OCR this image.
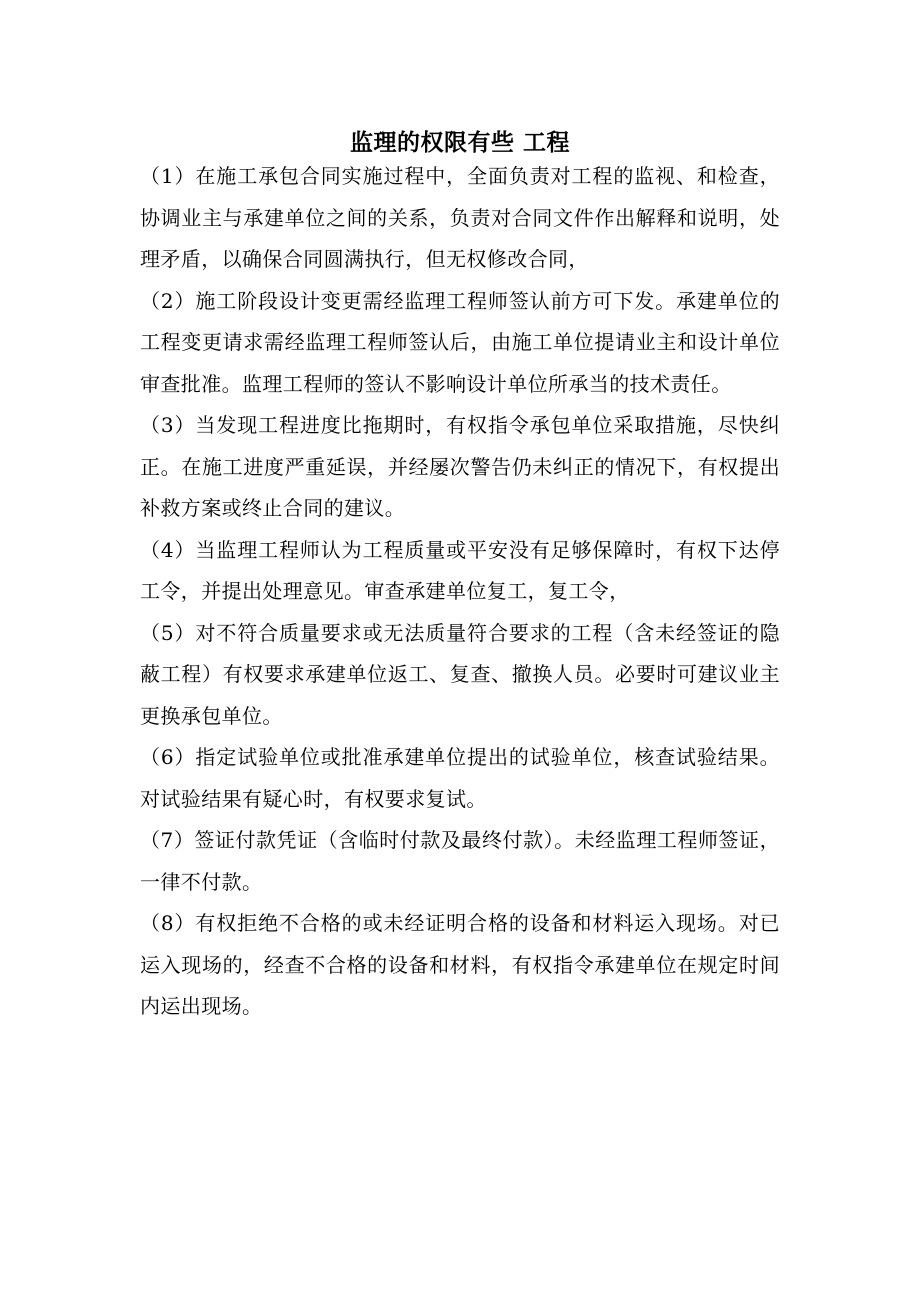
监理的权限有些 工程

（1）在施工承包合同实施过程中，全面负责对工程的监视、和检查，协调业主与承建单位之间的关系，负责对合同文件作出解释和说明，处理矛盾，以确保合同圆满执行，但无权修改合同，

（2）施工阶段设计变更需经监理工程师签认前方可下发。承建单位的工程变更请求需经监理工程师签认后，由施工单位提请业主和设计单位审查批准。监理工程师的签认不影响设计单位所承当的技术责任。

（3）当发现工程进度比拖期时，有权指令承包单位采取措施，尽快纠正。在施工进度严重延误，并经屡次警告仍未纠正的情况下，有权提出补救方案或终止合同的建议。

（4）当监理工程师认为工程质量或平安没有足够保障时，有权下达停工令，并提出处理意见。审查承建单位复工，复工令，

（5）对不符合质量要求或无法质量符合要求的工程（含未经签证的隐蔽工程）有权要求承建单位返工、复查、撤换人员。必要时可建议业主更换承包单位。

（6）指定试验单位或批准承建单位提出的试验单位，核查试验结果。对试验结果有疑心时，有权要求复试。

（7）签证付款凭证（含临时付款及最终付款）。未经监理工程师签证，一律不付款。

（8）有权拒绝不合格的或未经证明合格的设备和材料运入现场。对已运入现场的，经查不合格的设备和材料，有权指令承建单位在规定时间内运出现场。
